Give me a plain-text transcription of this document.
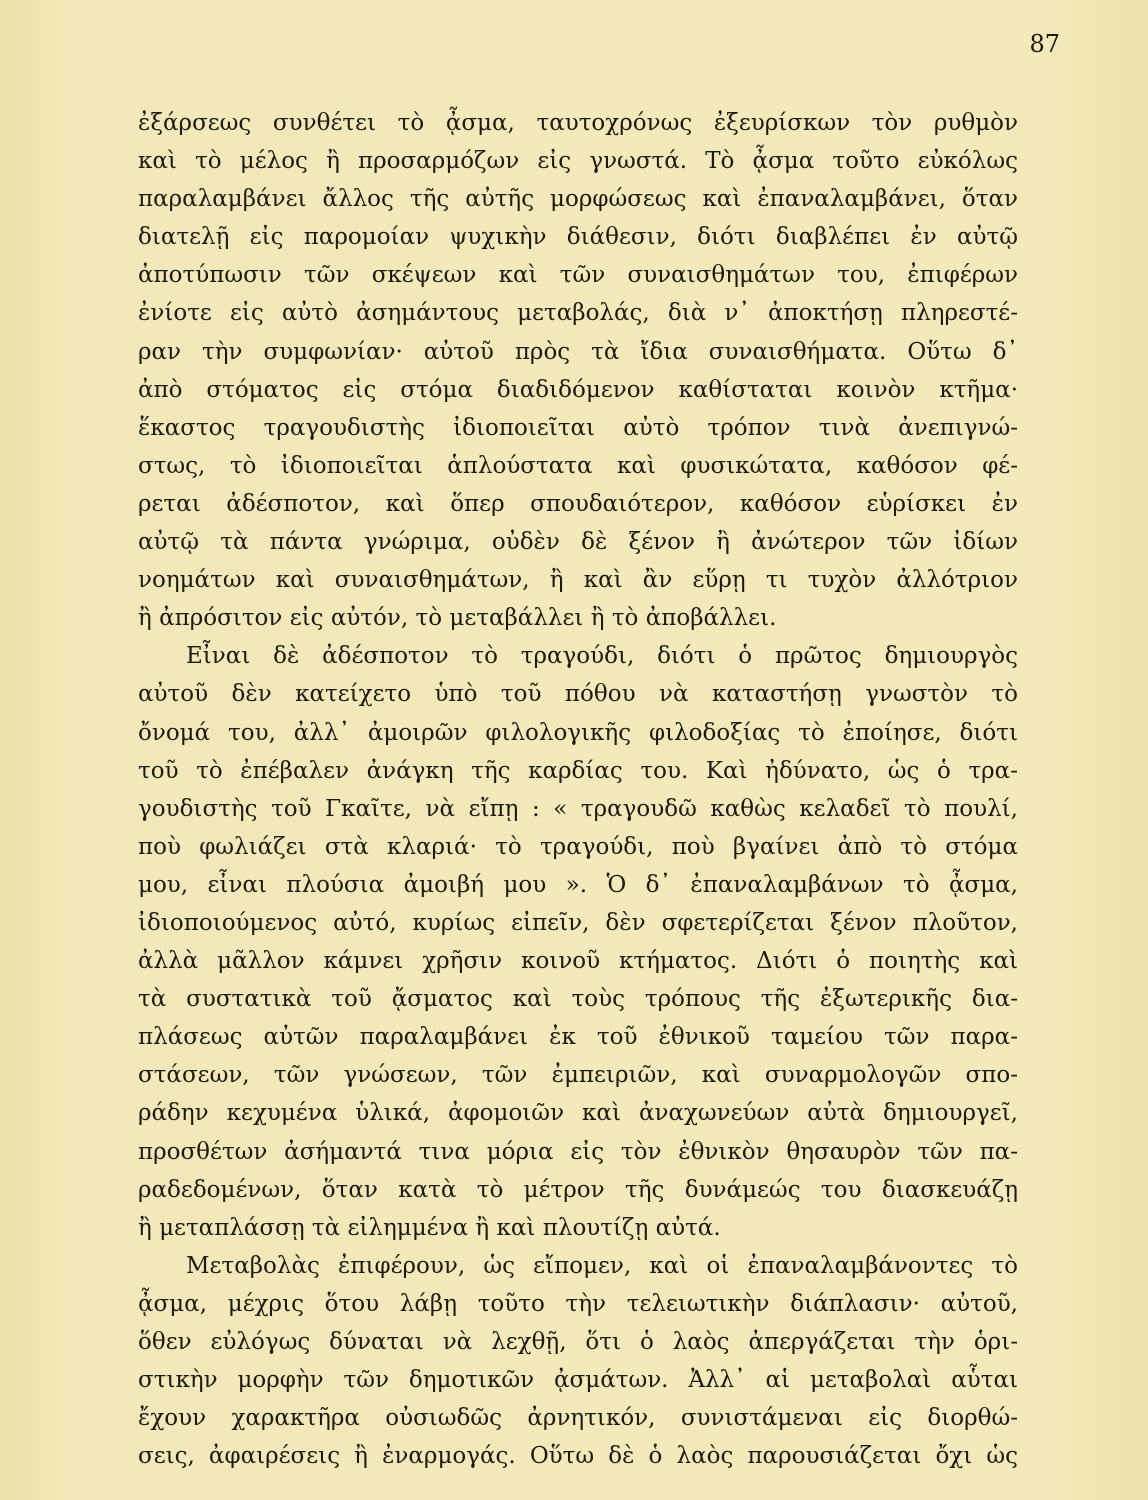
87
ἐξάρσεως συνθέτει τὸ ᾆσμα, ταυτοχρόνως ἐξευρίσκων τὸν ρυθμὸν
καὶ τὸ μέλος ἢ προσαρμόζων εἰς γνωστά. Τὸ ᾆσμα τοῦτο εὐκόλως
παραλαμβάνει ἄλλος τῆς αὐτῆς μορφώσεως καὶ ἐπαναλαμβάνει, ὅταν
διατελῇ εἰς παρομοίαν ψυχικὴν διάθεσιν, διότι διαβλέπει ἐν αὐτῷ
ἀποτύπωσιν τῶν σκέψεων καὶ τῶν συναισθημάτων του, ἐπιφέρων
ἐνίοτε εἰς αὐτὸ ἀσημάντους μεταβολάς, διὰ ν᾽ ἀποκτήσῃ πληρεστέ-
ραν τὴν συμφωνίαν· αὐτοῦ πρὸς τὰ ἴδια συναισθήματα. Οὕτω δ᾽
ἀπὸ στόματος εἰς στόμα διαδιδόμενον καθίσταται κοινὸν κτῆμα·
ἕκαστος τραγουδιστὴς ἰδιοποιεῖται αὐτὸ τρόπον τινὰ ἀνεπιγνώ-
στως, τὸ ἰδιοποιεῖται ἁπλούστατα καὶ φυσικώτατα, καθόσον φέ-
ρεται ἀδέσποτον, καὶ ὅπερ σπουδαιότερον, καθόσον εὑρίσκει ἐν
αὐτῷ τὰ πάντα γνώριμα, οὐδὲν δὲ ξένον ἢ ἀνώτερον τῶν ἰδίων
νοημάτων καὶ συναισθημάτων, ἢ καὶ ἂν εὕρῃ τι τυχὸν ἀλλότριον
ἢ ἀπρόσιτον εἰς αὐτόν, τὸ μεταβάλλει ἢ τὸ ἀποβάλλει.
Εἶναι δὲ ἀδέσποτον τὸ τραγούδι, διότι ὁ πρῶτος δημιουργὸς
αὐτοῦ δὲν κατείχετο ὑπὸ τοῦ πόθου νὰ καταστήσῃ γνωστὸν τὸ
ὄνομά του, ἀλλ᾽ ἀμοιρῶν φιλολογικῆς φιλοδοξίας τὸ ἐποίησε, διότι
τοῦ τὸ ἐπέβαλεν ἀνάγκη τῆς καρδίας του. Καὶ ἠδύνατο, ὡς ὁ τρα-
γουδιστὴς τοῦ Γκαῖτε, νὰ εἴπῃ : « τραγουδῶ καθὼς κελαδεῖ τὸ πουλί,
ποὺ φωλιάζει στὰ κλαριά· τὸ τραγούδι, ποὺ βγαίνει ἀπὸ τὸ στόμα
μου, εἶναι πλούσια ἀμοιβή μου ». Ὁ δ᾽ ἐπαναλαμβάνων τὸ ᾆσμα,
ἰδιοποιούμενος αὐτό, κυρίως εἰπεῖν, δὲν σφετερίζεται ξένον πλοῦτον,
ἀλλὰ μᾶλλον κάμνει χρῆσιν κοινοῦ κτήματος. Διότι ὁ ποιητὴς καὶ
τὰ συστατικὰ τοῦ ᾄσματος καὶ τοὺς τρόπους τῆς ἐξωτερικῆς δια-
πλάσεως αὐτῶν παραλαμβάνει ἐκ τοῦ ἐθνικοῦ ταμείου τῶν παρα-
στάσεων, τῶν γνώσεων, τῶν ἐμπειριῶν, καὶ συναρμολογῶν σπο-
ράδην κεχυμένα ὑλικά, ἀφομοιῶν καὶ ἀναχωνεύων αὐτὰ δημιουργεῖ,
προσθέτων ἀσήμαντά τινα μόρια εἰς τὸν ἐθνικὸν θησαυρὸν τῶν πα-
ραδεδομένων, ὅταν κατὰ τὸ μέτρον τῆς δυνάμεώς του διασκευάζῃ
ἢ μεταπλάσσῃ τὰ εἰλημμένα ἢ καὶ πλουτίζῃ αὐτά.
Μεταβολὰς ἐπιφέρουν, ὡς εἴπομεν, καὶ οἱ ἐπαναλαμβάνοντες τὸ
ᾆσμα, μέχρις ὅτου λάβῃ τοῦτο τὴν τελειωτικὴν διάπλασιν· αὐτοῦ,
ὅθεν εὐλόγως δύναται νὰ λεχθῇ, ὅτι ὁ λαὸς ἀπεργάζεται τὴν ὁρι-
στικὴν μορφὴν τῶν δημοτικῶν ᾀσμάτων. Ἀλλ᾽ αἱ μεταβολαὶ αὗται
ἔχουν χαρακτῆρα οὐσιωδῶς ἀρνητικόν, συνιστάμεναι εἰς διορθώ-
σεις, ἀφαιρέσεις ἢ ἐναρμογάς. Οὕτω δὲ ὁ λαὸς παρουσιάζεται ὄχι ὡς
